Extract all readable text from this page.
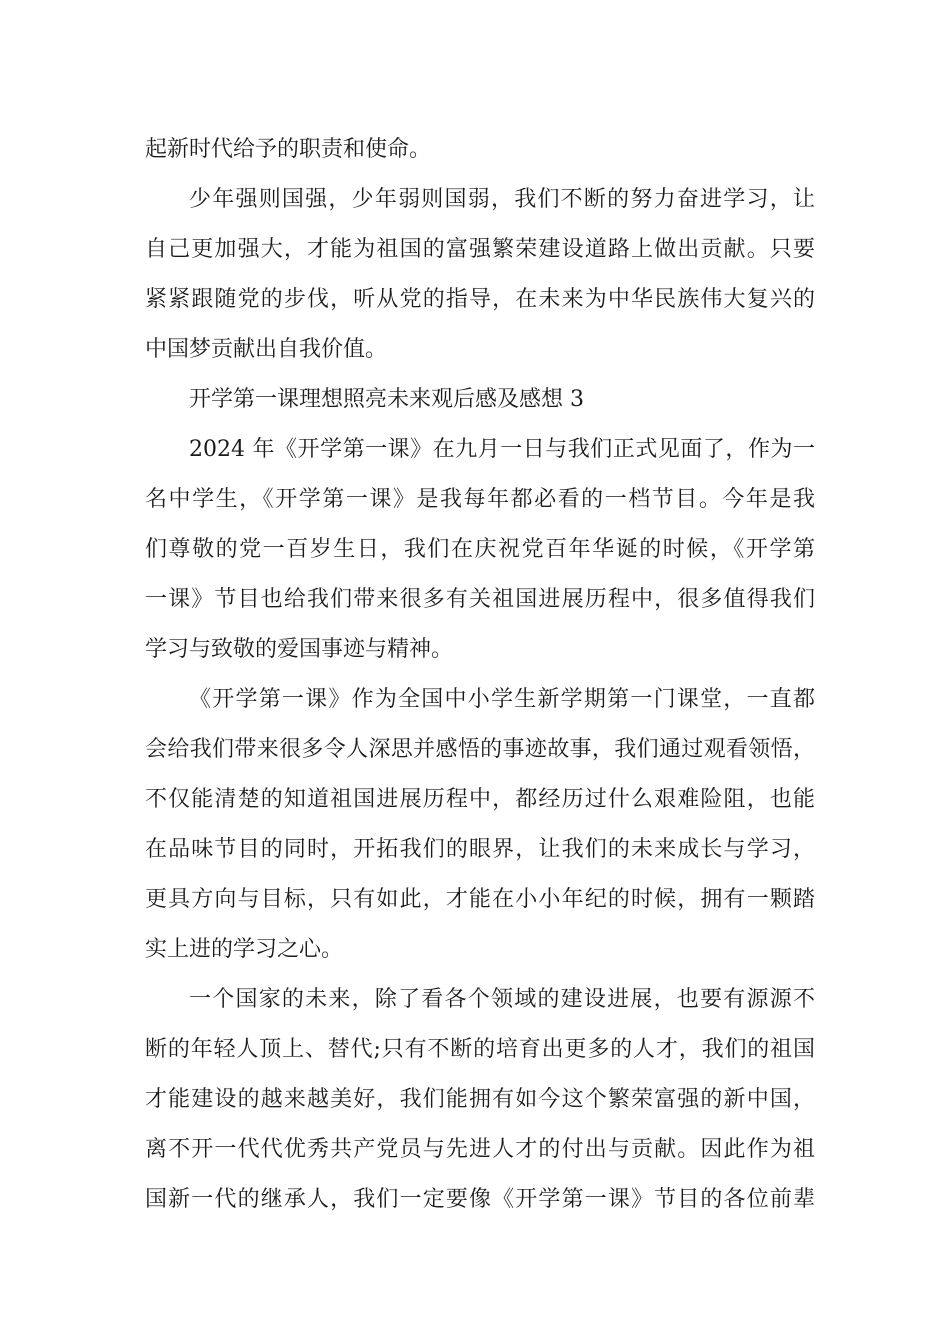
起新时代给予的职责和使命。
少年强则国强，少年弱则国弱，我们不断的努力奋进学习，让
自己更加强大，才能为祖国的富强繁荣建设道路上做出贡献。只要
紧紧跟随党的步伐，听从党的指导，在未来为中华民族伟大复兴的
中国梦贡献出自我价值。
开学第一课理想照亮未来观后感及感想 3
2024 年《开学第一课》在九月一日与我们正式见面了，作为一
名中学生，《开学第一课》是我每年都必看的一档节目。今年是我
们尊敬的党一百岁生日，我们在庆祝党百年华诞的时候，《开学第
一课》节目也给我们带来很多有关祖国进展历程中，很多值得我们
学习与致敬的爱国事迹与精神。
《开学第一课》作为全国中小学生新学期第一门课堂，一直都
会给我们带来很多令人深思并感悟的事迹故事，我们通过观看领悟，
不仅能清楚的知道祖国进展历程中，都经历过什么艰难险阻，也能
在品味节目的同时，开拓我们的眼界，让我们的未来成长与学习，
更具方向与目标，只有如此，才能在小小年纪的时候，拥有一颗踏
实上进的学习之心。
一个国家的未来，除了看各个领域的建设进展，也要有源源不
断的年轻人顶上、替代;只有不断的培育出更多的人才，我们的祖国
才能建设的越来越美好，我们能拥有如今这个繁荣富强的新中国，
离不开一代代优秀共产党员与先进人才的付出与贡献。因此作为祖
国新一代的继承人，我们一定要像《开学第一课》节目的各位前辈
